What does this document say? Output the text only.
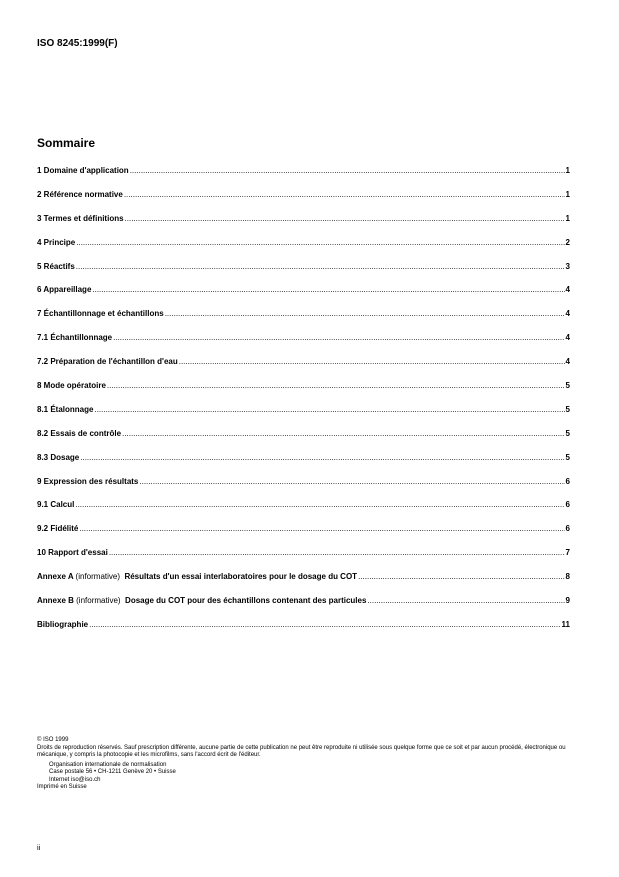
ISO 8245:1999(F)
Sommaire
1 Domaine d'application .....	1
2 Référence normative .....	1
3 Termes et définitions .....	1
4 Principe .....	2
5 Réactifs .....	3
6 Appareillage .....	4
7 Échantillonnage et échantillons .....	4
7.1 Échantillonnage .....	4
7.2 Préparation de l'échantillon d'eau .....	4
8 Mode opératoire .....	5
8.1 Étalonnage .....	5
8.2 Essais de contrôle .....	5
8.3 Dosage .....	5
9 Expression des résultats .....	6
9.1 Calcul .....	6
9.2 Fidélité .....	6
10 Rapport d'essai .....	7
Annexe A (informative) Résultats d'un essai interlaboratoires pour le dosage du COT .....	8
Annexe B (informative) Dosage du COT pour des échantillons contenant des particules .....	9
Bibliographie .....	11
© ISO 1999
Droits de reproduction réservés. Sauf prescription différente, aucune partie de cette publication ne peut être reproduite ni utilisée sous quelque forme que ce soit et par aucun procédé, électronique ou mécanique, y compris la photocopie et les microfilms, sans l'accord écrit de l'éditeur.
Organisation internationale de normalisation
Case postale 56 • CH-1211 Genève 20 • Suisse
Internet iso@iso.ch
Imprimé en Suisse
ii
